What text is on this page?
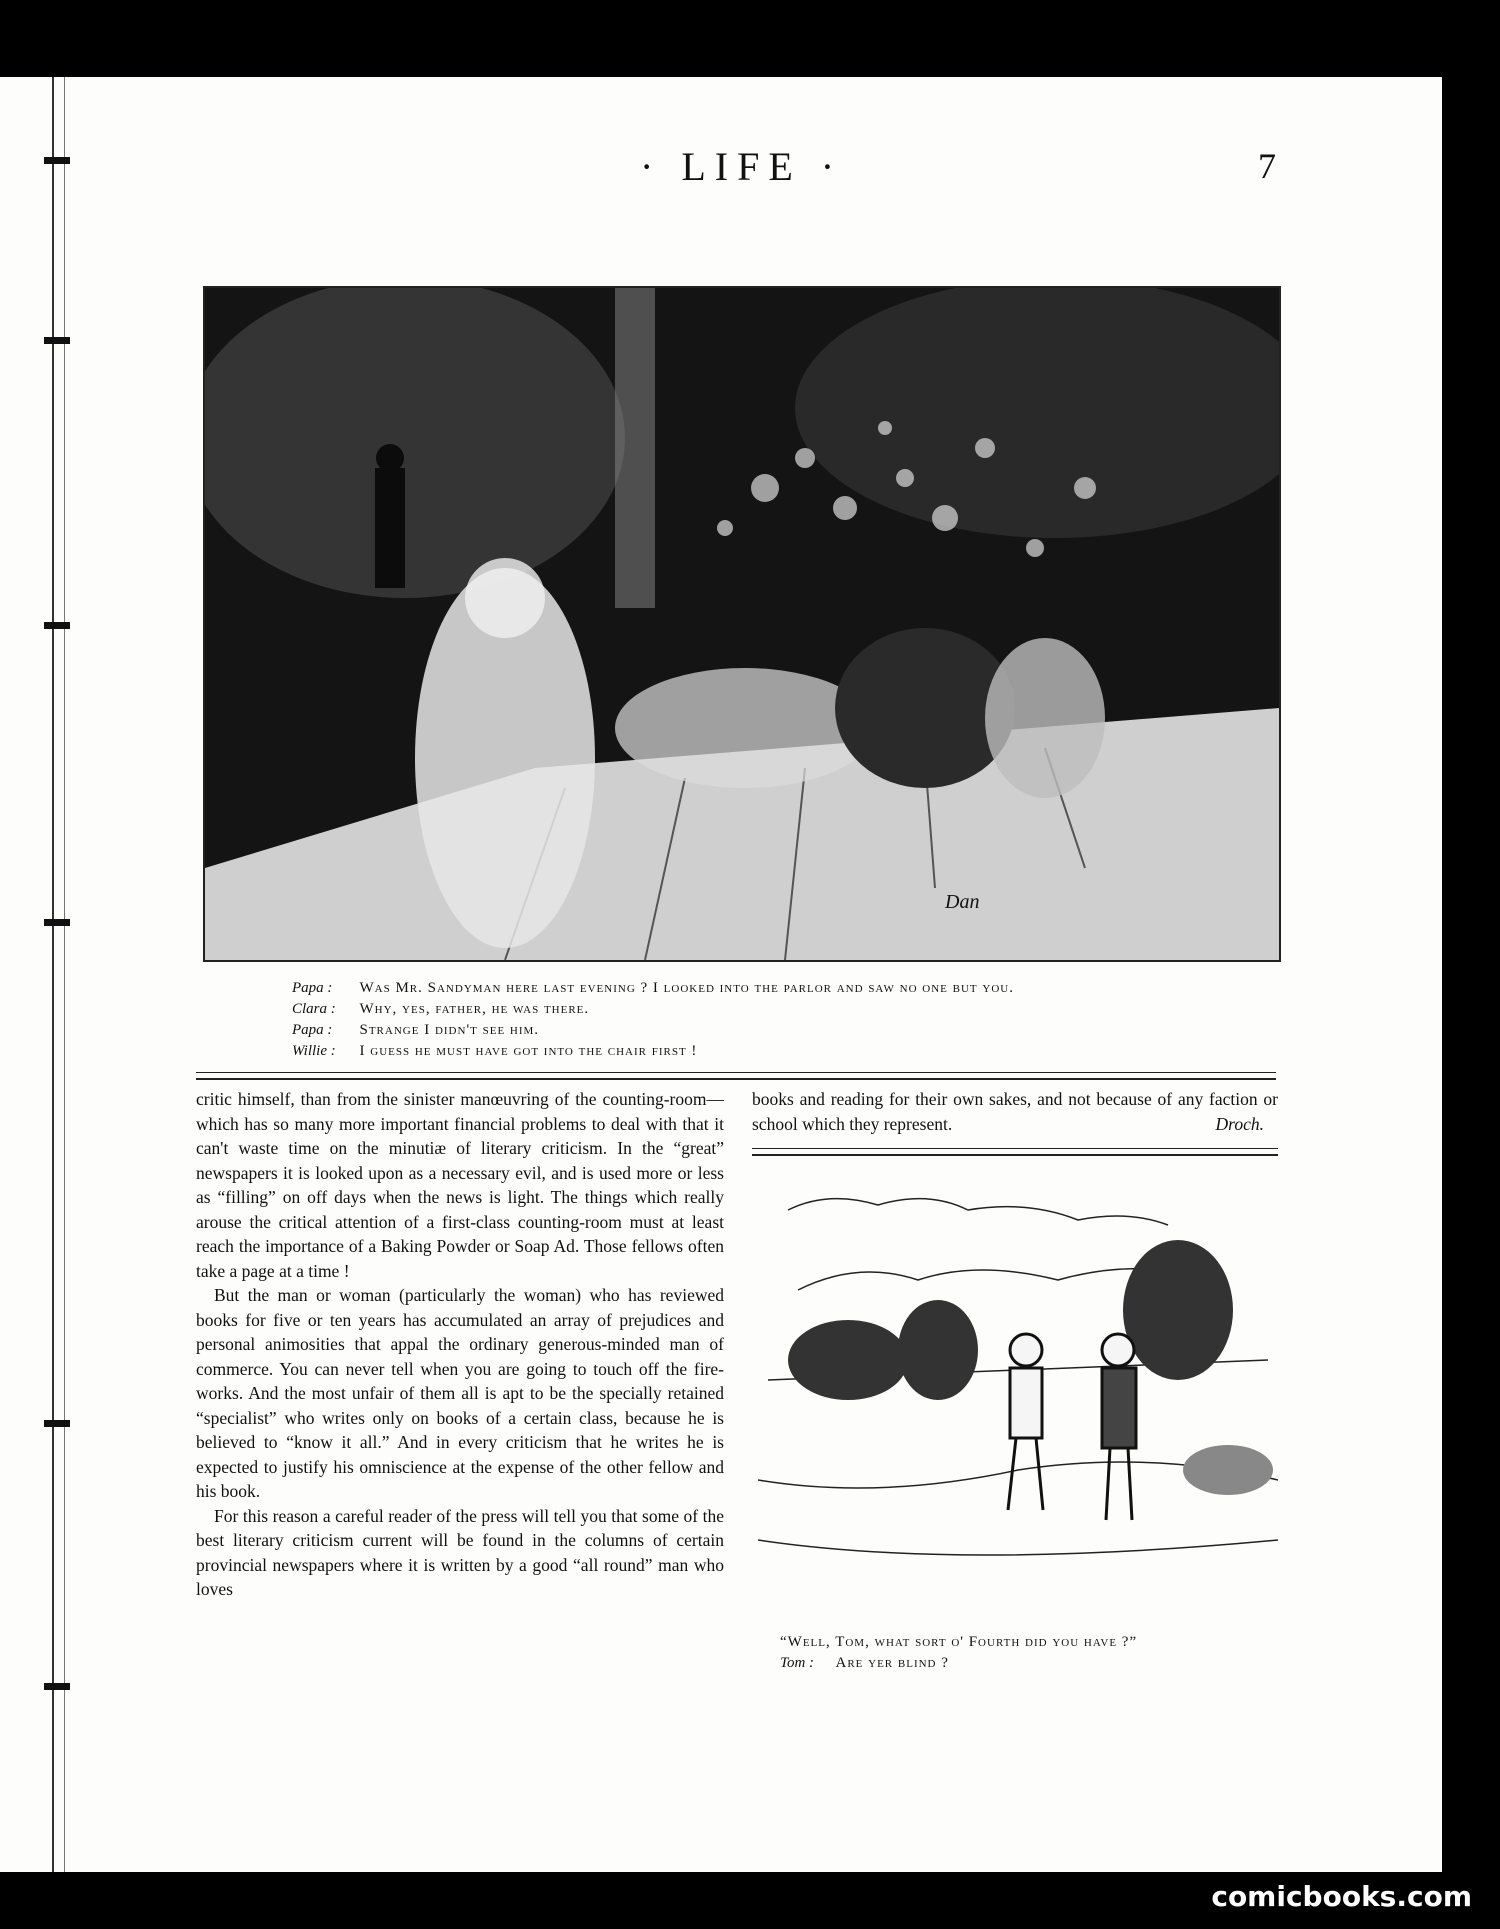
· LIFE ·	7
Dan
Papa : Was Mr. Sandyman here last evening ? I looked into the parlor and saw no one but you.
Clara : Why, yes, father, he was there.
Papa : Strange I didn't see him.
Willie : I guess he must have got into the chair first !

critic himself, than from the sinister manœuvring of the counting-room—which has so many more important financial problems to deal with that it can't waste time on the minutiæ of literary criticism. In the “great” newspapers it is looked upon as a necessary evil, and is used more or less as “filling” on off days when the news is light. The things which really arouse the critical attention of a first-class counting-room must at least reach the importance of a Baking Powder or Soap Ad. Those fellows often take a page at a time !

But the man or woman (particularly the woman) who has reviewed books for five or ten years has accumulated an array of prejudices and personal animosities that appal the ordinary generous-minded man of commerce. You can never tell when you are going to touch off the fire-works. And the most unfair of them all is apt to be the specially retained “specialist” who writes only on books of a certain class, because he is believed to “know it all.” And in every criticism that he writes he is expected to justify his omniscience at the expense of the other fellow and his book.

For this reason a careful reader of the press will tell you that some of the best literary criticism current will be found in the columns of certain provincial newspapers where it is written by a good “all round” man who loves

books and reading for their own sakes, and not because of any faction or school which they represent.	Droch.
“Well, Tom, what sort o' Fourth did you have ?”
Tom : Are yer blind ?
comicbooks.com
